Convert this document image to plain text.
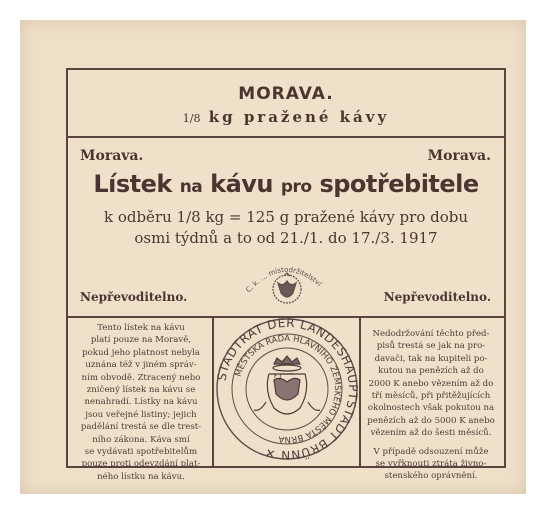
MORAVA.
1/8 kg pražené kávy
Morava.	Morava.
Lístek na kávu pro spotřebitele
k odběru 1/8 kg = 125 g pražené kávy pro dobu
osmi týdnů a to od 21./1. do 17./3. 1917
C. k. ... místodržitelství
Nepřevoditelno.	Nepřevoditelno.
Tento lístek na kávu
platí pouze na Moravě,
pokud jeho platnost nebyla
uznána též v jiném správ-
ním obvodě. Ztracený nebo
zničený lístek na kávu se
nenahradí. Lístky na kávu
jsou veřejné listiny; jejich
padělání trestá se dle trest-
ního zákona. Káva smí
se vydávati spotřebitelům
pouze proti odevzdání plat-
ného lístku na kávu.
STADTRAT DER LANDESHAUPTSTADT BRÜNN ✕
MĚSTSKÁ RADA HLAVNÍHO ZEMSKÉHO MĚSTA BRNA
F J
Nedodržování těchto před-
pisů trestá se jak na pro-
davači, tak na kupiteli po-
kutou na penězích až do
2000 K anebo vězením až do
tří měsíců, při přitěžujících
okolnostech však pokutou na
penězích až do 5000 K anebo
vězením až do šesti měsíců.
V případě odsouzení může
se vyřknouti ztráta živno-
stenského oprávnění.
